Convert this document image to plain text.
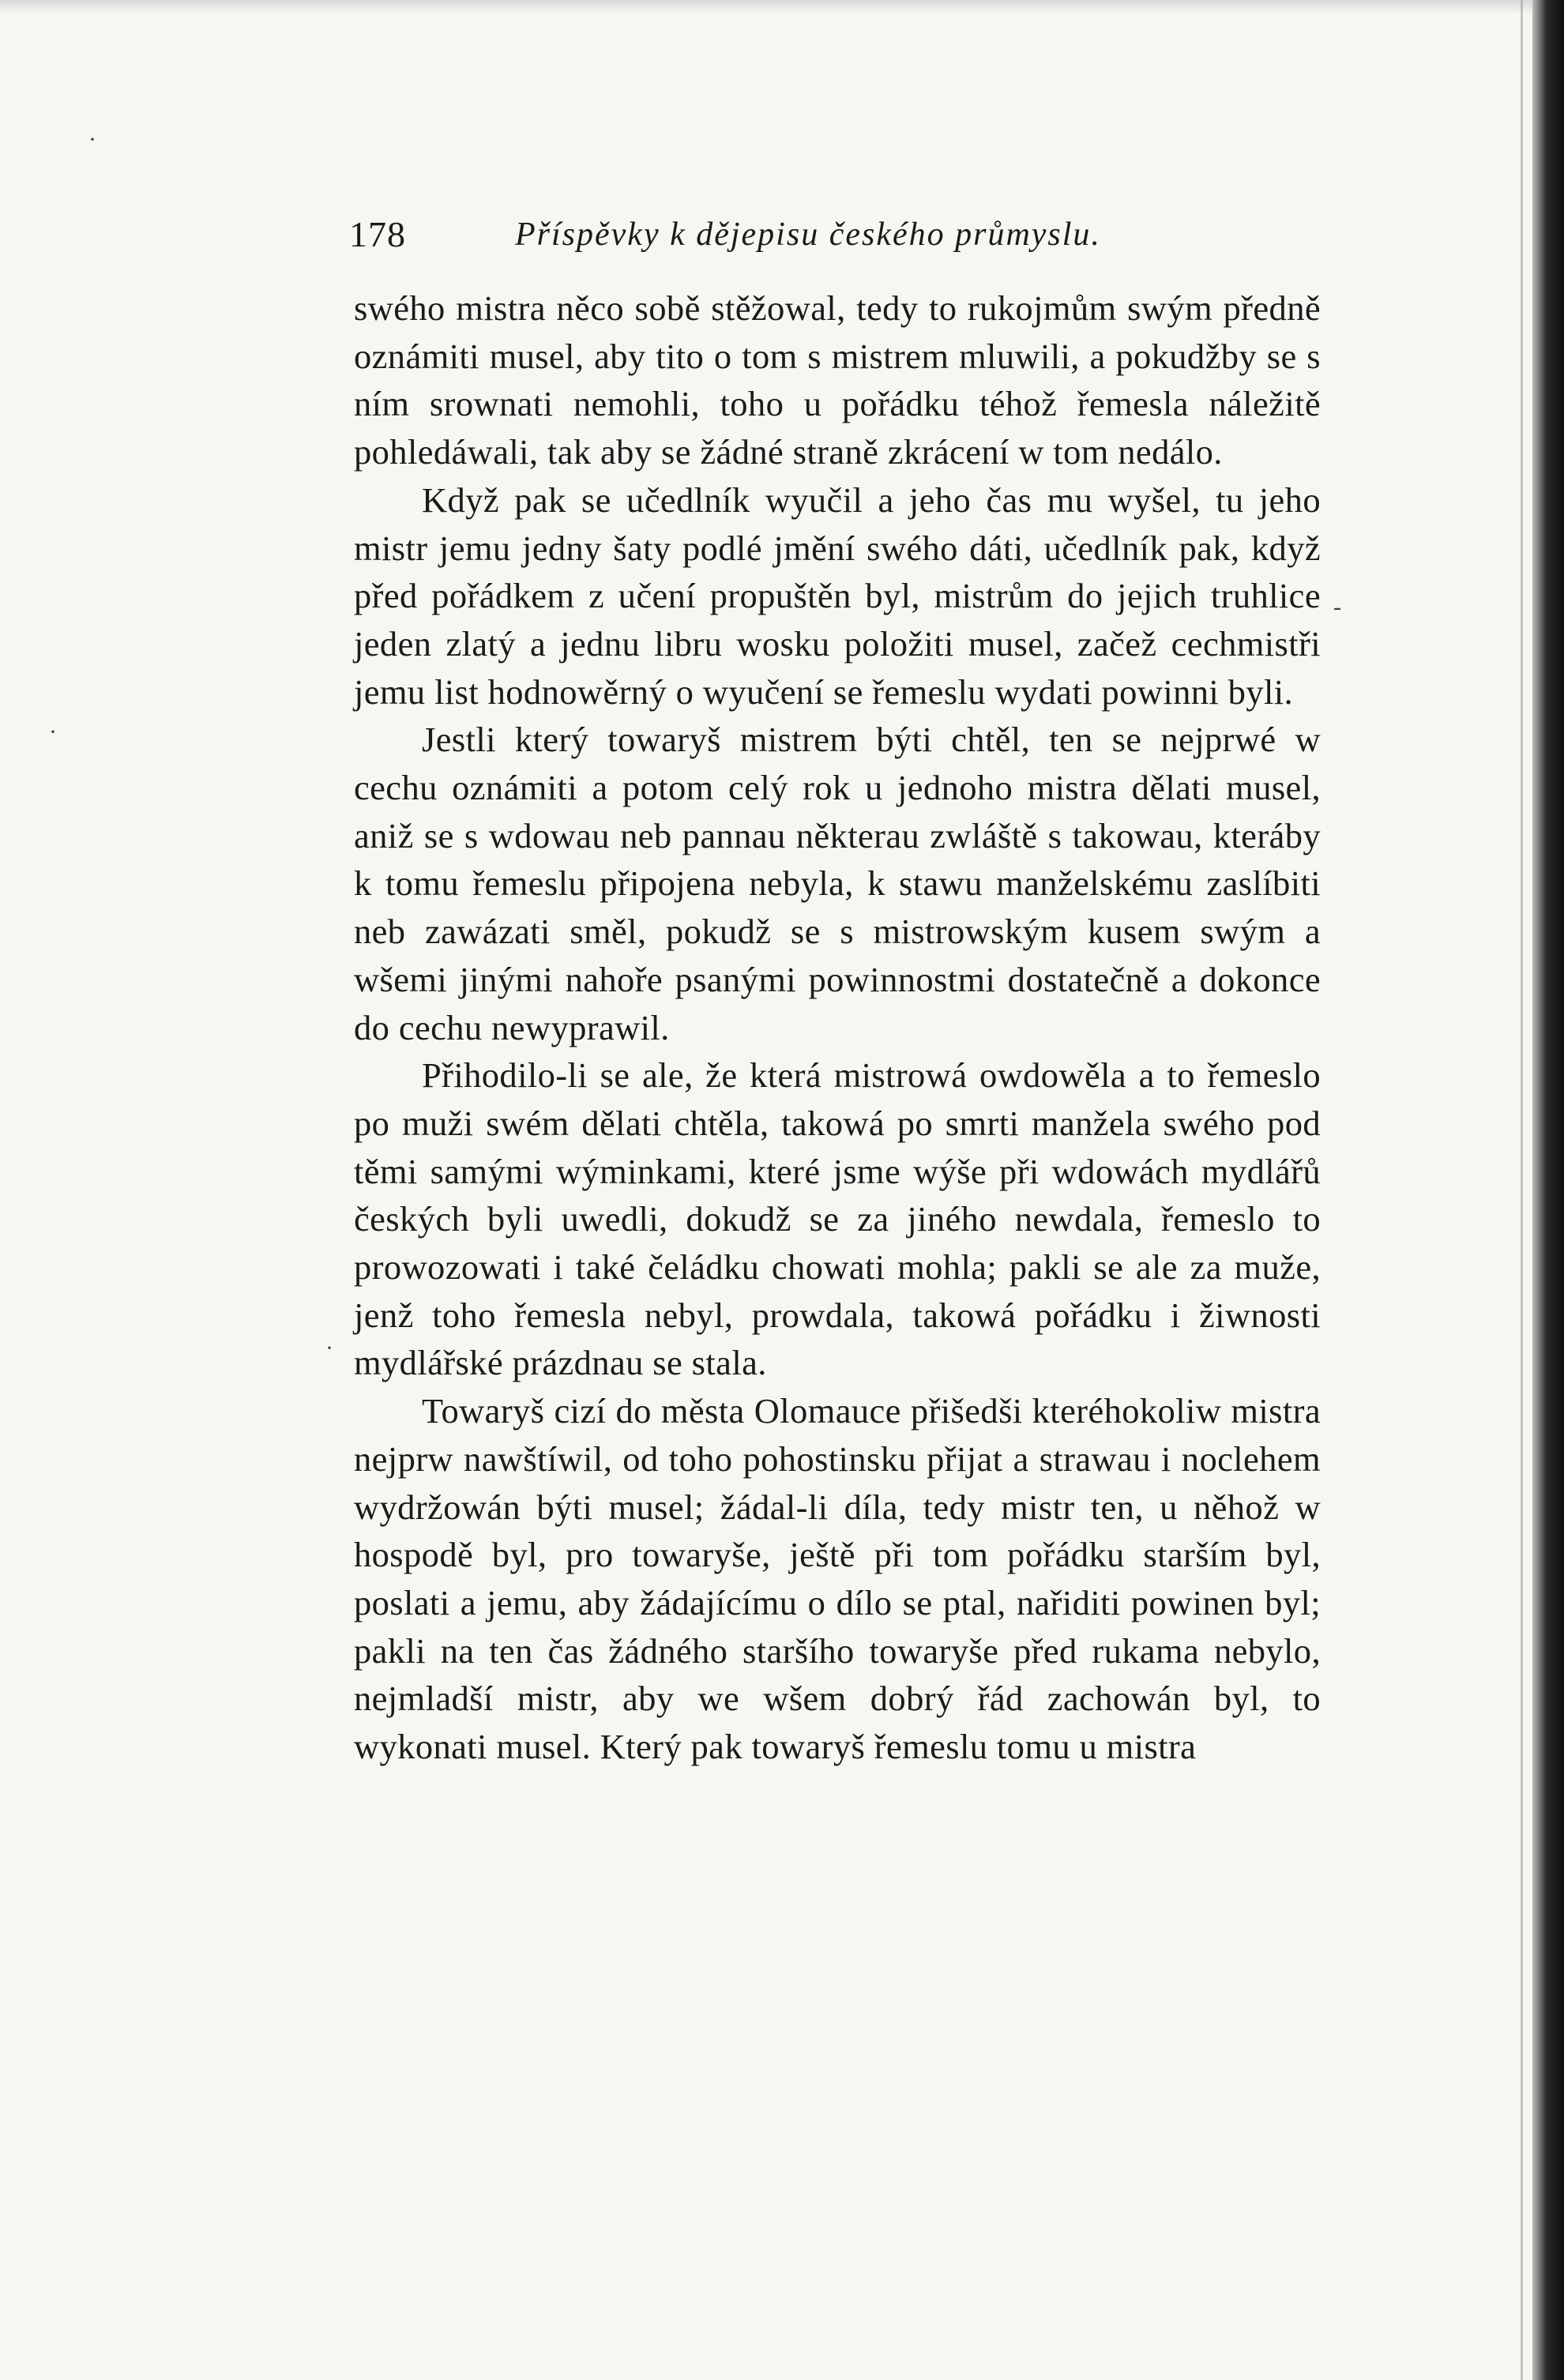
178	Příspěvky k dějepisu českého průmyslu.

swého mistra něco sobě stěžowal, tedy to rukojmům swým předně oznámiti musel, aby tito o tom s mistrem mluwili, a pokudžby se s ním srownati nemohli, toho u pořádku téhož řemesla náležitě pohledáwali, tak aby se žádné straně zkrácení w tom nedálo.

Když pak se učedlník wyučil a jeho čas mu wyšel, tu jeho mistr jemu jedny šaty podlé jmění swého dáti, učedlník pak, když před pořádkem z učení propuštěn byl, mistrům do jejich truhlice jeden zlatý a jednu libru wosku položiti musel, začež cechmistři jemu list hodnowěrný o wyučení se řemeslu wydati powinni byli.

Jestli který towaryš mistrem býti chtěl, ten se nejprwé w cechu oznámiti a potom celý rok u jednoho mistra dělati musel, aniž se s wdowau neb pannau některau zwláště s takowau, kteráby k tomu řemeslu připojena nebyla, k stawu manželskému zaslíbiti neb zawázati směl, pokudž se s mistrowským kusem swým a wšemi jinými nahoře psanými powinnostmi dostatečně a dokonce do cechu newyprawil.

Přihodilo-li se ale, že která mistrowá owdowěla a to řemeslo po muži swém dělati chtěla, takowá po smrti manžela swého pod těmi samými wýminkami, které jsme wýše při wdowách mydlářů českých byli uwedli, dokudž se za jiného newdala, řemeslo to prowozowati i také čeládku chowati mohla; pakli se ale za muže, jenž toho řemesla nebyl, prowdala, takowá pořádku i žiwnosti mydlářské prázdnau se stala.

Towaryš cizí do města Olomauce přišedši kteréhokoliw mistra nejprw nawštíwil, od toho pohostinsku přijat a strawau i noclehem wydržowán býti musel; žádal-li díla, tedy mistr ten, u něhož w hospodě byl, pro towaryše, ještě při tom pořádku starším byl, poslati a jemu, aby žádajícímu o dílo se ptal, nařiditi powinen byl; pakli na ten čas žádného staršího towaryše před rukama nebylo, nejmladší mistr, aby we wšem dobrý řád zachowán byl, to wykonati musel. Který pak towaryš řemeslu tomu u mistra

-
·
·
·
